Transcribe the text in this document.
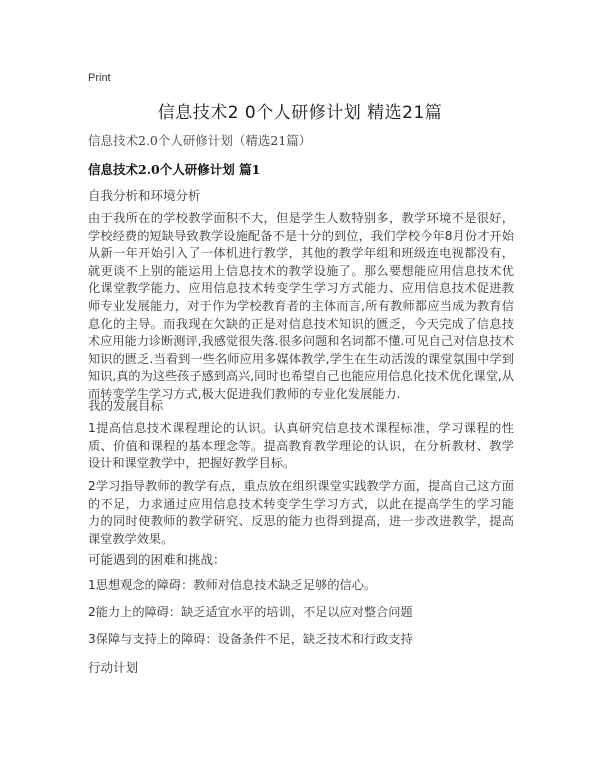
Print
信息技术2 0个人研修计划 精选21篇
信息技术2.0个人研修计划（精选21篇）
信息技术2.0个人研修计划 篇1
自我分析和环境分析
由于我所在的学校教学面积不大，但是学生人数特别多，教学环境不是很好，学校经费的短缺导致教学设施配备不是十分的到位，我们学校今年8月份才开始从新一年开始引入了一体机进行教学，其他的教学年组和班级连电视都没有，就更谈不上别的能运用上信息技术的教学设施了。那么要想能应用信息技术优化课堂教学能力、应用信息技术转变学生学习方式能力、应用信息技术促进教师专业发展能力，对于作为学校教育者的主体而言,所有教师都应当成为教育信息化的主导。而我现在欠缺的正是对信息技术知识的匮乏，今天完成了信息技术应用能力诊断测评,我感觉很失落.很多问题和名词都不懂.可见自己对信息技术知识的匮乏.当看到一些名师应用多媒体教学,学生在生动活泼的课堂氛围中学到知识,真的为这些孩子感到高兴,同时也希望自己也能应用信息化技术优化课堂,从而转变学生学习方式,极大促进我们教师的专业化发展能力.
我的发展目标
1提高信息技术课程理论的认识。认真研究信息技术课程标准，学习课程的性质、价值和课程的基本理念等。提高教育教学理论的认识，在分析教材、教学设计和课堂教学中，把握好教学目标。
2学习指导教师的教学有点，重点放在组织课堂实践教学方面，提高自己这方面的不足，力求通过应用信息技术转变学生学习方式，以此在提高学生的学习能力的同时使教师的教学研究、反思的能力也得到提高，进一步改进教学，提高课堂教学效果。
可能遇到的困难和挑战：
1思想观念的障碍：教师对信息技术缺乏足够的信心。
2能力上的障碍：缺乏适宜水平的培训，不足以应对整合问题
3保障与支持上的障碍：设备条件不足，缺乏技术和行政支持
行动计划
